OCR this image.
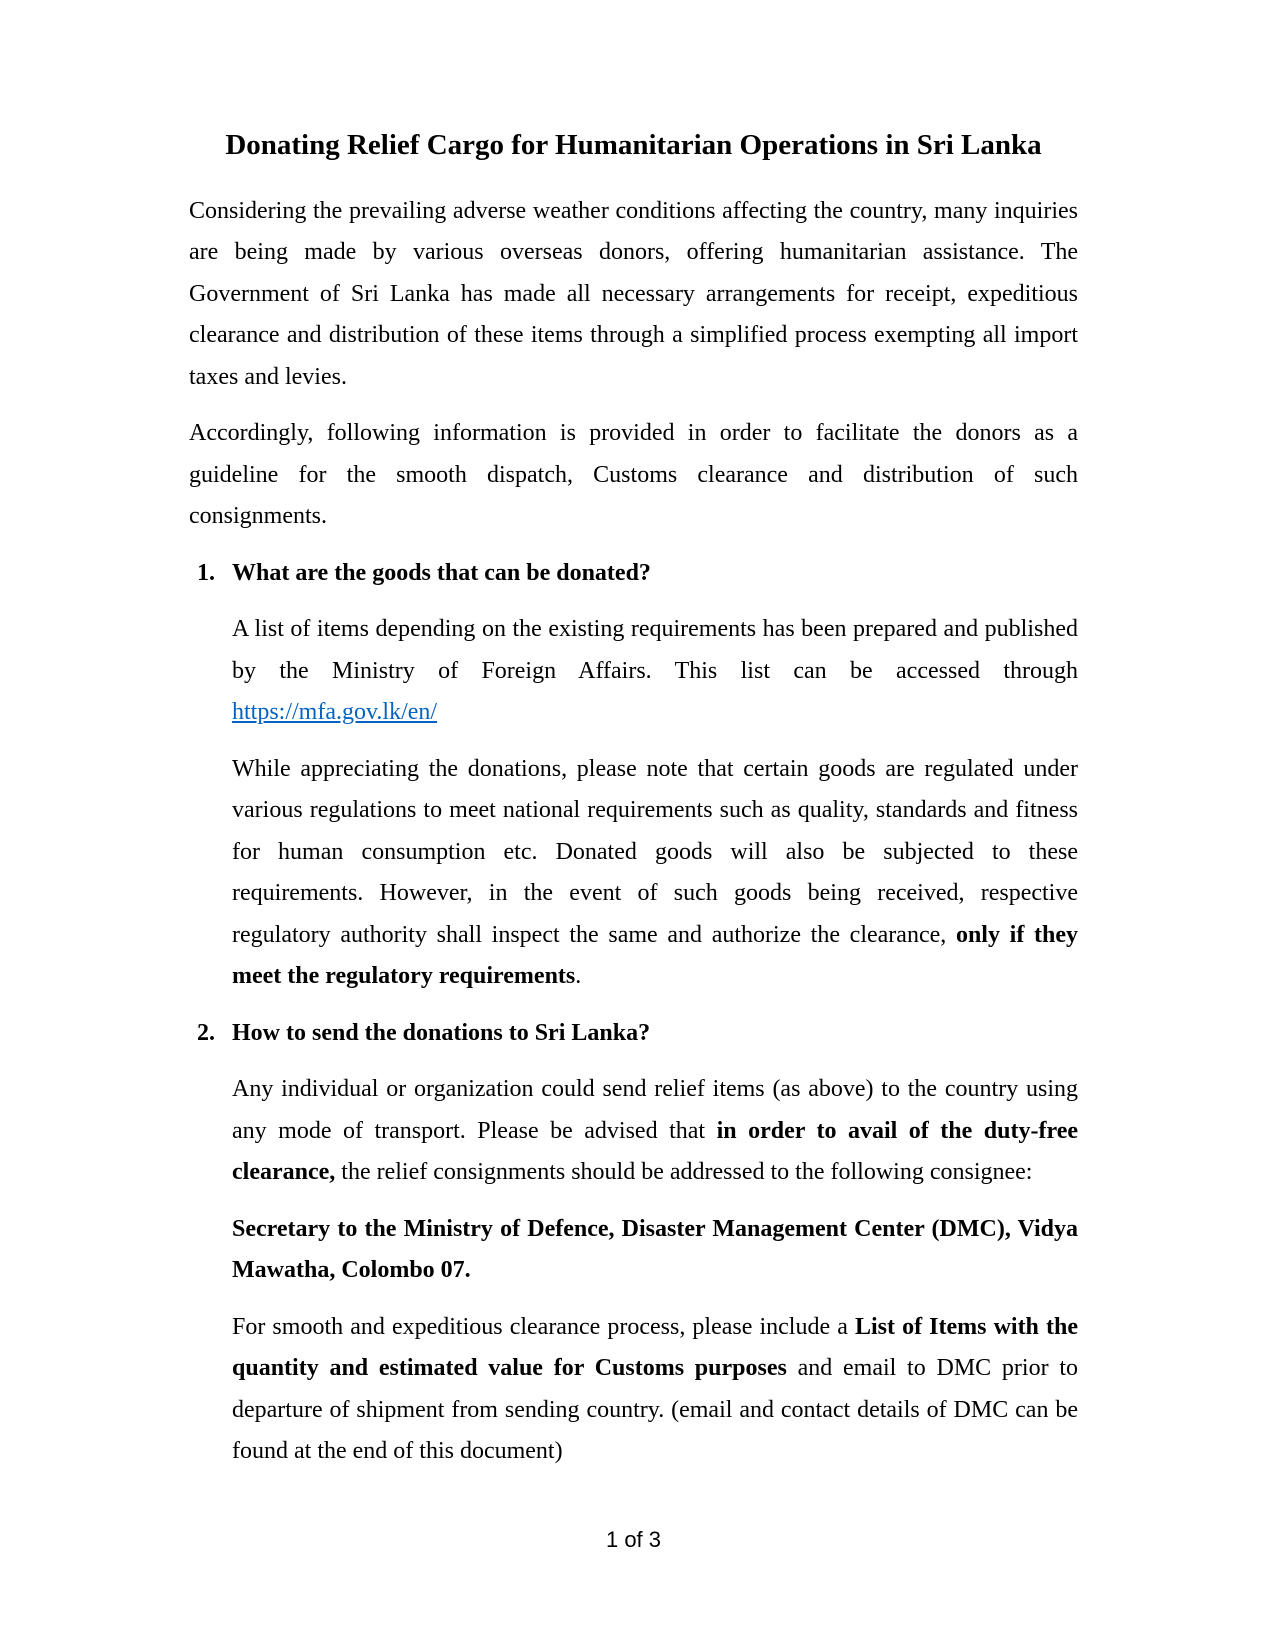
Donating Relief Cargo for Humanitarian Operations in Sri Lanka

Considering the prevailing adverse weather conditions affecting the country, many inquiries are being made by various overseas donors, offering humanitarian assistance. The Government of Sri Lanka has made all necessary arrangements for receipt, expeditious clearance and distribution of these items through a simplified process exempting all import taxes and levies.

Accordingly, following information is provided in order to facilitate the donors as a guideline for the smooth dispatch, Customs clearance and distribution of such consignments.

1. What are the goods that can be donated?

A list of items depending on the existing requirements has been prepared and published by the Ministry of Foreign Affairs. This list can be accessed through https://mfa.gov.lk/en/

While appreciating the donations, please note that certain goods are regulated under various regulations to meet national requirements such as quality, standards and fitness for human consumption etc. Donated goods will also be subjected to these requirements. However, in the event of such goods being received, respective regulatory authority shall inspect the same and authorize the clearance, only if they meet the regulatory requirements.

2. How to send the donations to Sri Lanka?

Any individual or organization could send relief items (as above) to the country using any mode of transport. Please be advised that in order to avail of the duty-free clearance, the relief consignments should be addressed to the following consignee:

Secretary to the Ministry of Defence, Disaster Management Center (DMC), Vidya Mawatha, Colombo 07.

For smooth and expeditious clearance process, please include a List of Items with the quantity and estimated value for Customs purposes and email to DMC prior to departure of shipment from sending country. (email and contact details of DMC can be found at the end of this document)

1 of 3
